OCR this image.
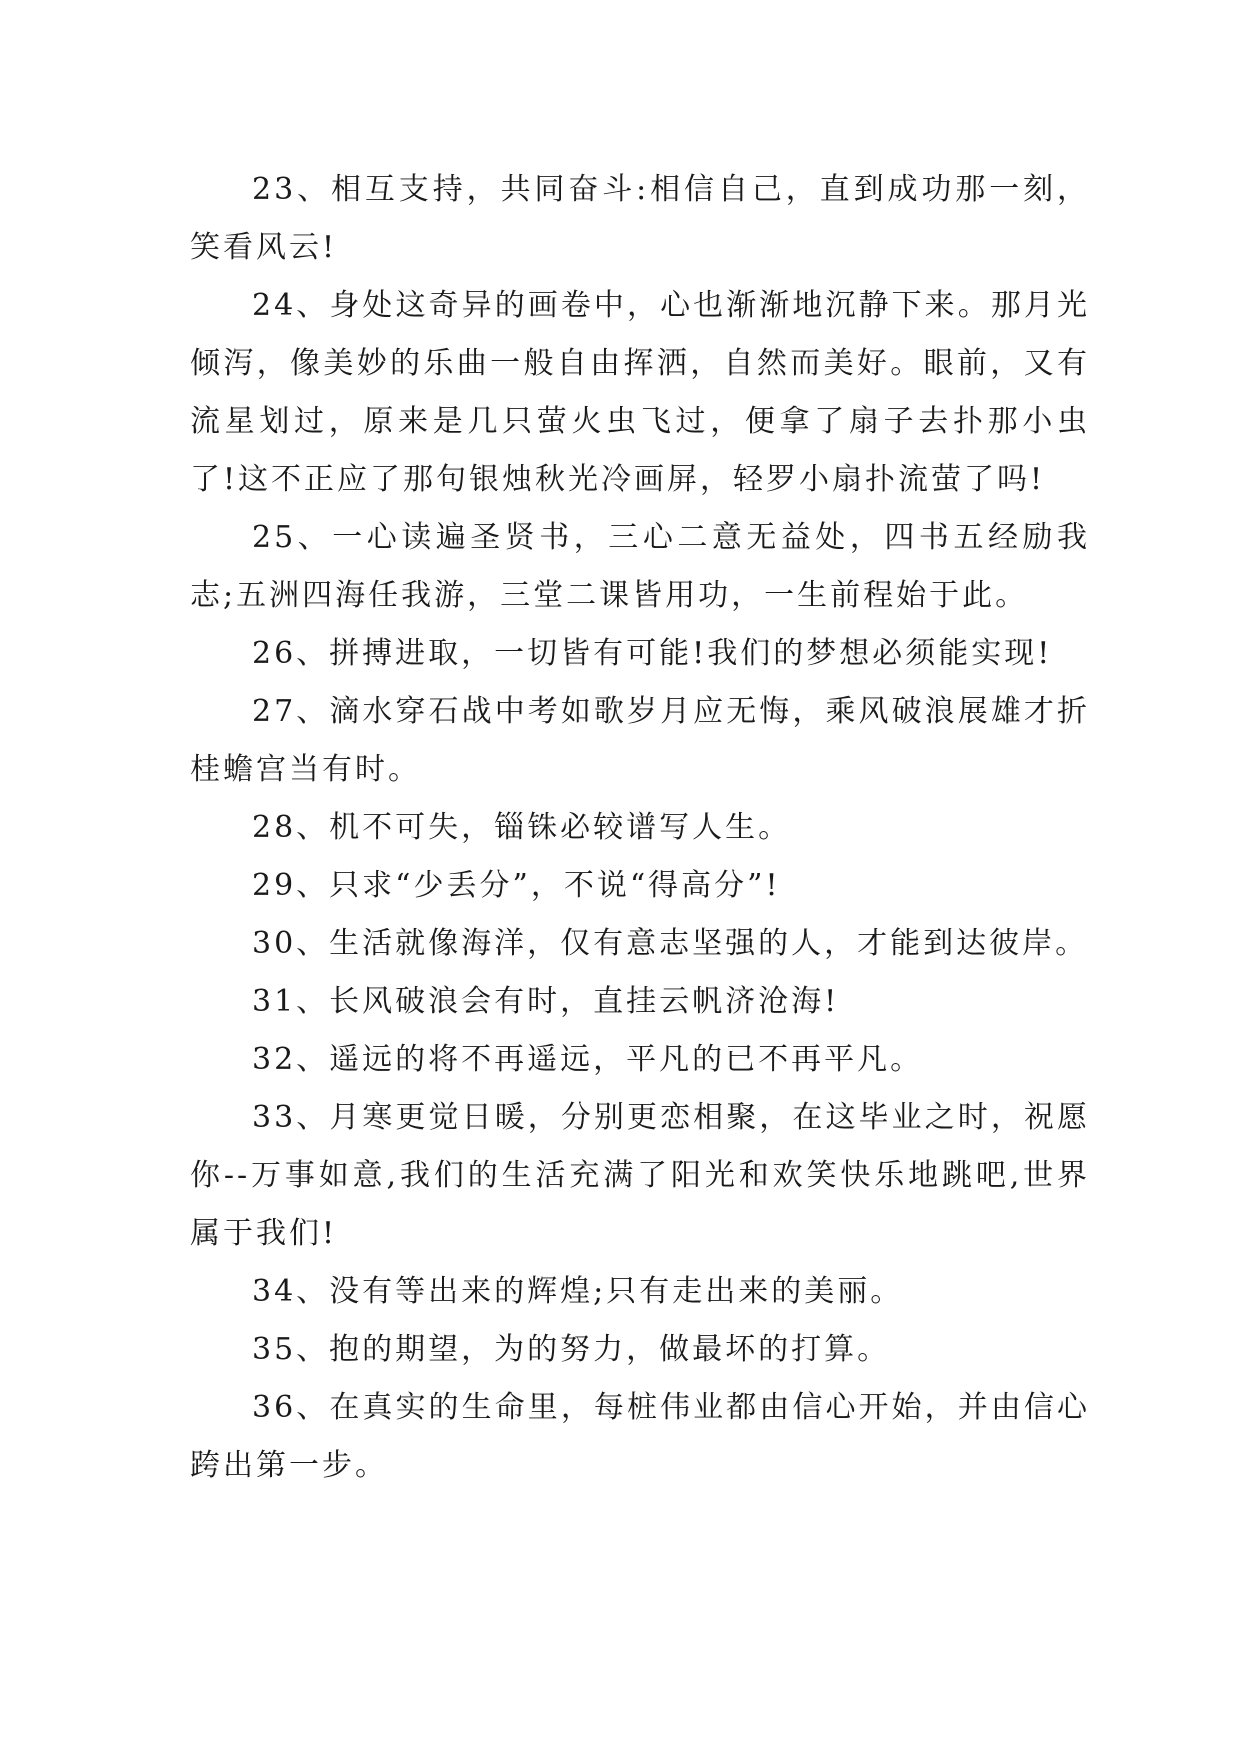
23、相互支持，共同奋斗:相信自己，直到成功那一刻，笑看风云!

24、身处这奇异的画卷中，心也渐渐地沉静下来。那月光倾泻，像美妙的乐曲一般自由挥洒，自然而美好。眼前，又有流星划过，原来是几只萤火虫飞过，便拿了扇子去扑那小虫了!这不正应了那句银烛秋光冷画屏，轻罗小扇扑流萤了吗!

25、一心读遍圣贤书，三心二意无益处，四书五经励我志;五洲四海任我游，三堂二课皆用功，一生前程始于此。

26、拼搏进取，一切皆有可能!我们的梦想必须能实现!

27、滴水穿石战中考如歌岁月应无悔，乘风破浪展雄才折桂蟾宫当有时。

28、机不可失，锱铢必较谱写人生。

29、只求“少丢分”，不说“得高分”!

30、生活就像海洋，仅有意志坚强的人，才能到达彼岸。

31、长风破浪会有时，直挂云帆济沧海!

32、遥远的将不再遥远，平凡的已不再平凡。

33、月寒更觉日暖，分别更恋相聚，在这毕业之时，祝愿你--万事如意,我们的生活充满了阳光和欢笑快乐地跳吧,世界属于我们!

34、没有等出来的辉煌;只有走出来的美丽。

35、抱的期望，为的努力，做最坏的打算。

36、在真实的生命里，每桩伟业都由信心开始，并由信心跨出第一步。
